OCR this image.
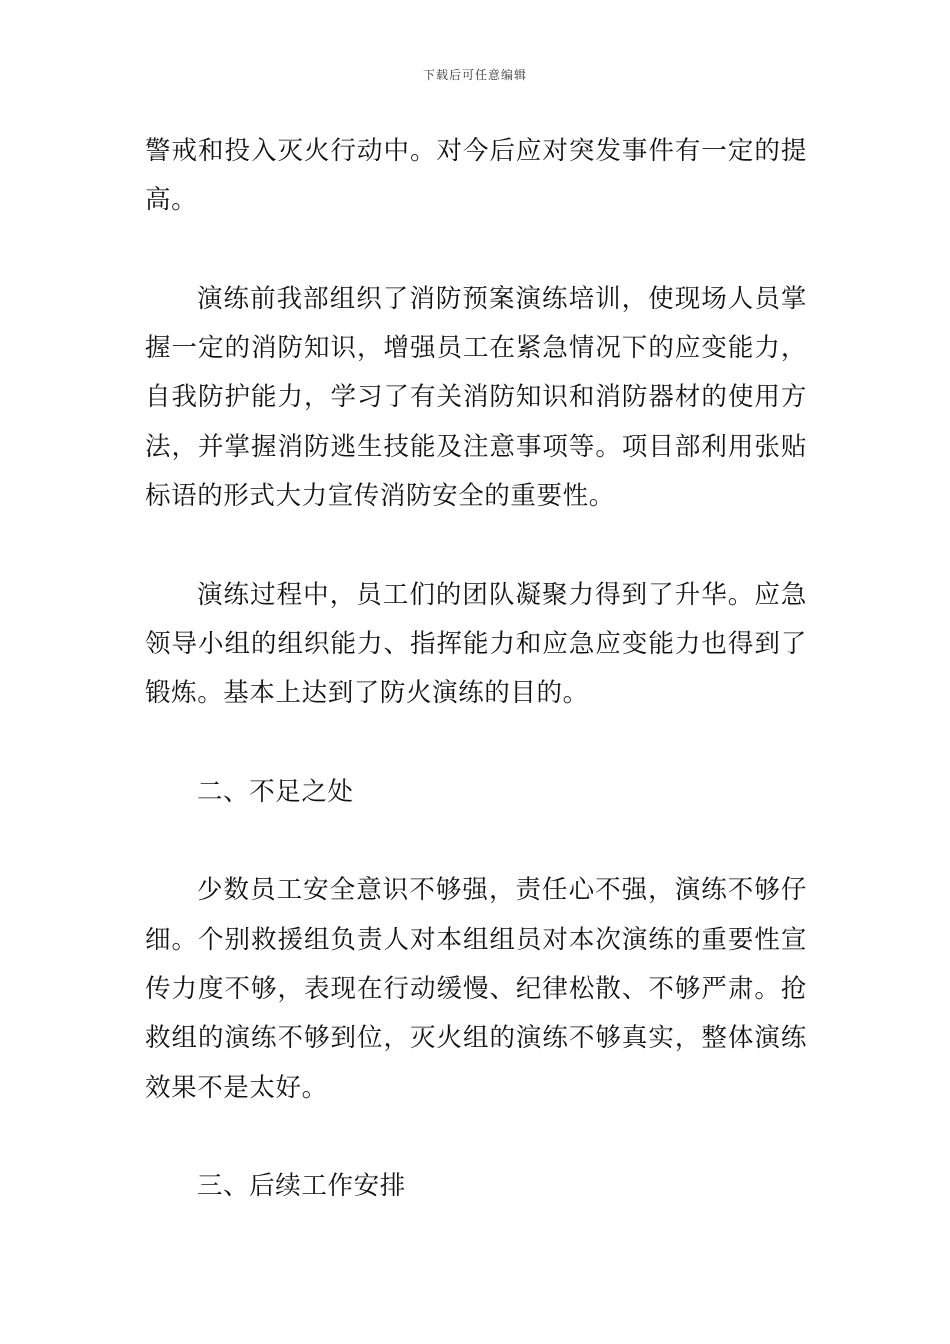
下载后可任意编辑

警戒和投入灭火行动中。对今后应对突发事件有一定的提高。

演练前我部组织了消防预案演练培训，使现场人员掌握一定的消防知识，增强员工在紧急情况下的应变能力，自我防护能力，学习了有关消防知识和消防器材的使用方法，并掌握消防逃生技能及注意事项等。项目部利用张贴标语的形式大力宣传消防安全的重要性。

演练过程中，员工们的团队凝聚力得到了升华。应急领导小组的组织能力、指挥能力和应急应变能力也得到了锻炼。基本上达到了防火演练的目的。

二、不足之处

少数员工安全意识不够强，责任心不强，演练不够仔细。个别救援组负责人对本组组员对本次演练的重要性宣传力度不够，表现在行动缓慢、纪律松散、不够严肃。抢救组的演练不够到位，灭火组的演练不够真实，整体演练效果不是太好。

三、后续工作安排
